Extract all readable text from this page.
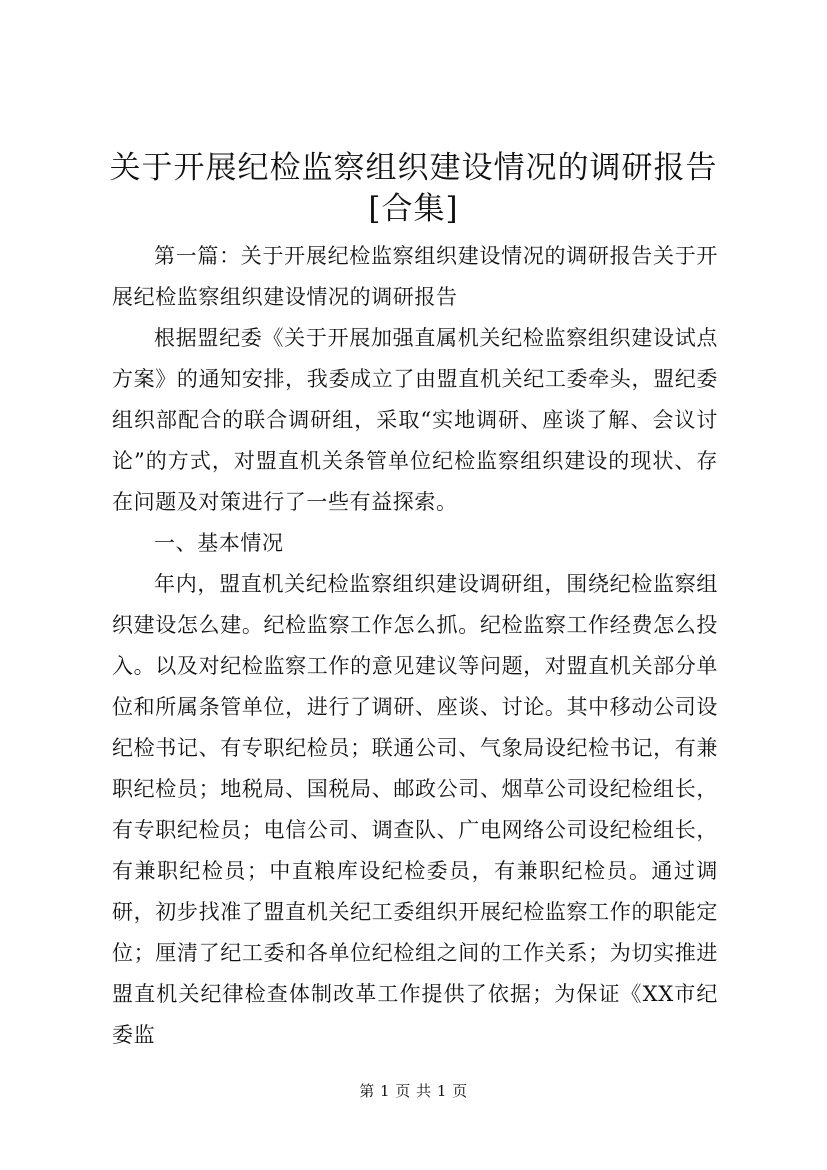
关于开展纪检监察组织建设情况的调研报告
[合集]

第一篇：关于开展纪检监察组织建设情况的调研报告关于开展纪检监察组织建设情况的调研报告

根据盟纪委《关于开展加强直属机关纪检监察组织建设试点方案》的通知安排，我委成立了由盟直机关纪工委牵头，盟纪委组织部配合的联合调研组，采取“实地调研、座谈了解、会议讨论”的方式，对盟直机关条管单位纪检监察组织建设的现状、存在问题及对策进行了一些有益探索。

一、基本情况

年内，盟直机关纪检监察组织建设调研组，围绕纪检监察组织建设怎么建。纪检监察工作怎么抓。纪检监察工作经费怎么投入。以及对纪检监察工作的意见建议等问题，对盟直机关部分单位和所属条管单位，进行了调研、座谈、讨论。其中移动公司设纪检书记、有专职纪检员；联通公司、气象局设纪检书记，有兼职纪检员；地税局、国税局、邮政公司、烟草公司设纪检组长，有专职纪检员；电信公司、调查队、广电网络公司设纪检组长，有兼职纪检员；中直粮库设纪检委员，有兼职纪检员。通过调研，初步找准了盟直机关纪工委组织开展纪检监察工作的职能定位；厘清了纪工委和各单位纪检组之间的工作关系；为切实推进盟直机关纪律检查体制改革工作提供了依据；为保证《XX市纪委监

第 1 页 共 1 页
